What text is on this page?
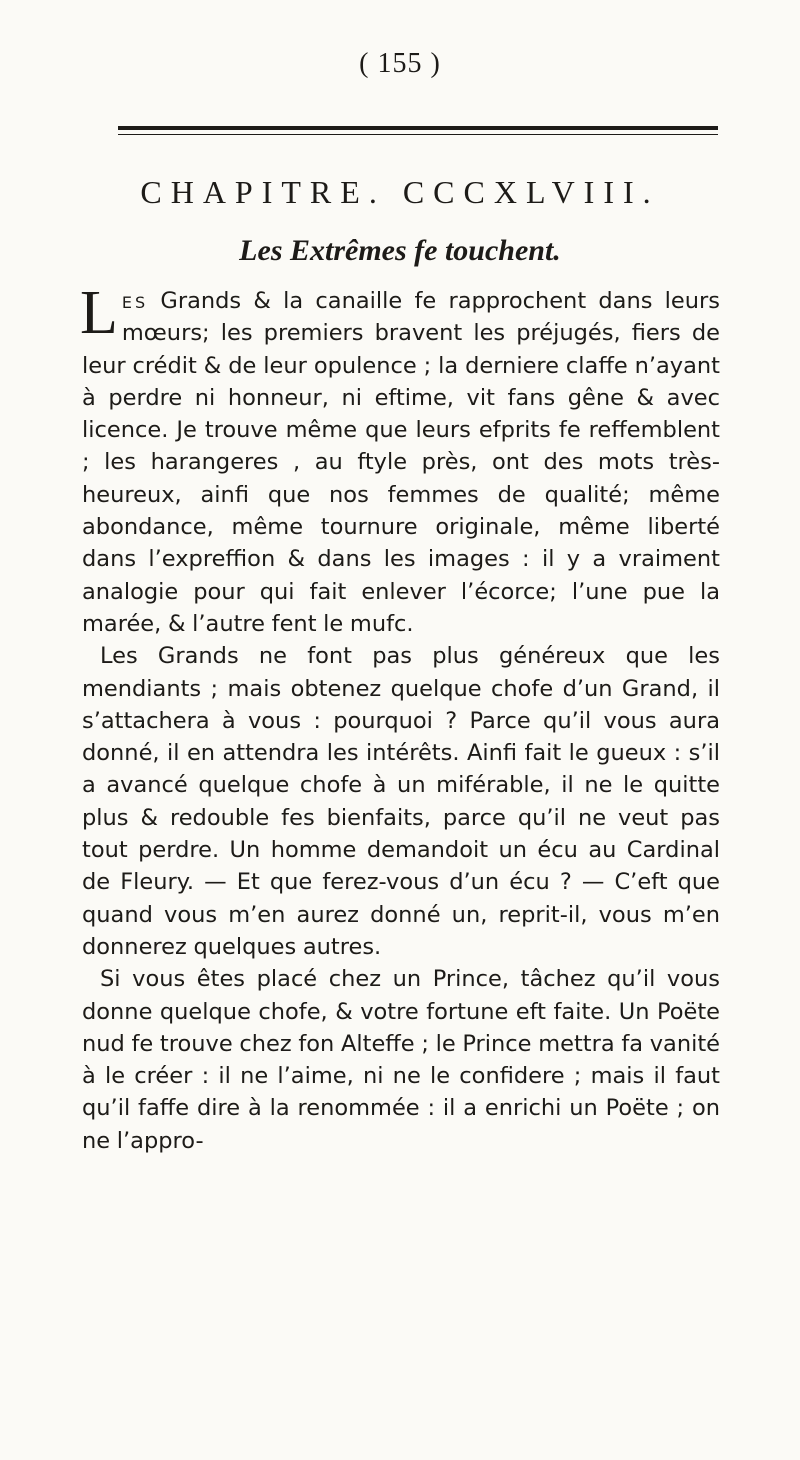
( 155 )
CHAPITRE. CCCXLVIII.
Les Extrêmes fe touchent.

Les Grands & la canaille fe rapprochent dans leurs mœurs; les premiers bravent les préjugés, fiers de leur crédit & de leur opulence ; la derniere claffe n’ayant à perdre ni honneur, ni eftime, vit fans gêne & avec licence. Je trouve même que leurs efprits fe reffemblent ; les harangeres , au ftyle près, ont des mots très-heureux, ainfi que nos femmes de qualité; même abondance, même tournure originale, même liberté dans l’expreffion & dans les images : il y a vraiment analogie pour qui fait enlever l’écorce; l’une pue la marée, & l’autre fent le mufc.

Les Grands ne font pas plus généreux que les mendiants ; mais obtenez quelque chofe d’un Grand, il s’attachera à vous : pourquoi ? Parce qu’il vous aura donné, il en attendra les intérêts. Ainfi fait le gueux : s’il a avancé quelque chofe à un miférable, il ne le quitte plus & redouble fes bienfaits, parce qu’il ne veut pas tout perdre. Un homme demandoit un écu au Cardinal de Fleury. — Et que ferez-vous d’un écu ? — C’eft que quand vous m’en aurez donné un, reprit-il, vous m’en donnerez quelques autres.

Si vous êtes placé chez un Prince, tâchez qu’il vous donne quelque chofe, & votre fortune eft faite. Un Poëte nud fe trouve chez fon Alteffe ; le Prince mettra fa vanité à le créer : il ne l’aime, ni ne le confidere ; mais il faut qu’il faffe dire à la renommée : il a enrichi un Poëte ; on ne l’appro-
